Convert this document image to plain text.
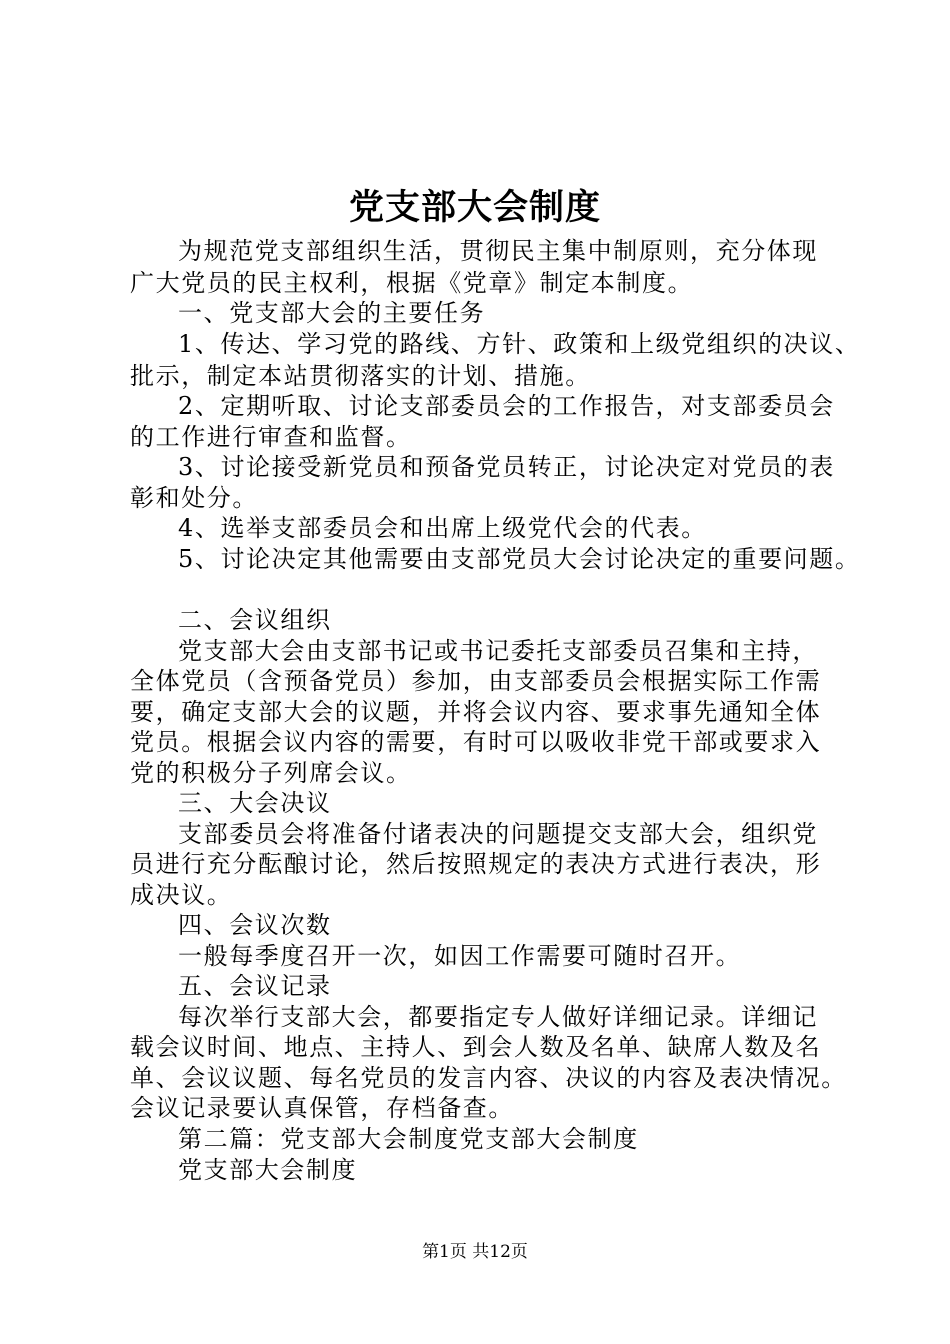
党支部大会制度
为规范党支部组织生活，贯彻民主集中制原则，充分体现
广大党员的民主权利，根据《党章》制定本制度。
一、党支部大会的主要任务
1、传达、学习党的路线、方针、政策和上级党组织的决议、
批示，制定本站贯彻落实的计划、措施。
2、定期听取、讨论支部委员会的工作报告，对支部委员会
的工作进行审查和监督。
3、讨论接受新党员和预备党员转正，讨论决定对党员的表
彰和处分。
4、选举支部委员会和出席上级党代会的代表。
5、讨论决定其他需要由支部党员大会讨论决定的重要问题。
二、会议组织
党支部大会由支部书记或书记委托支部委员召集和主持，
全体党员（含预备党员）参加，由支部委员会根据实际工作需
要，确定支部大会的议题，并将会议内容、要求事先通知全体
党员。根据会议内容的需要，有时可以吸收非党干部或要求入
党的积极分子列席会议。
三、大会决议
支部委员会将准备付诸表决的问题提交支部大会，组织党
员进行充分酝酿讨论，然后按照规定的表决方式进行表决，形
成决议。
四、会议次数
一般每季度召开一次，如因工作需要可随时召开。
五、会议记录
每次举行支部大会，都要指定专人做好详细记录。详细记
载会议时间、地点、主持人、到会人数及名单、缺席人数及名
单、会议议题、每名党员的发言内容、决议的内容及表决情况。
会议记录要认真保管，存档备查。
第二篇：党支部大会制度党支部大会制度
党支部大会制度
第1页 共12页
